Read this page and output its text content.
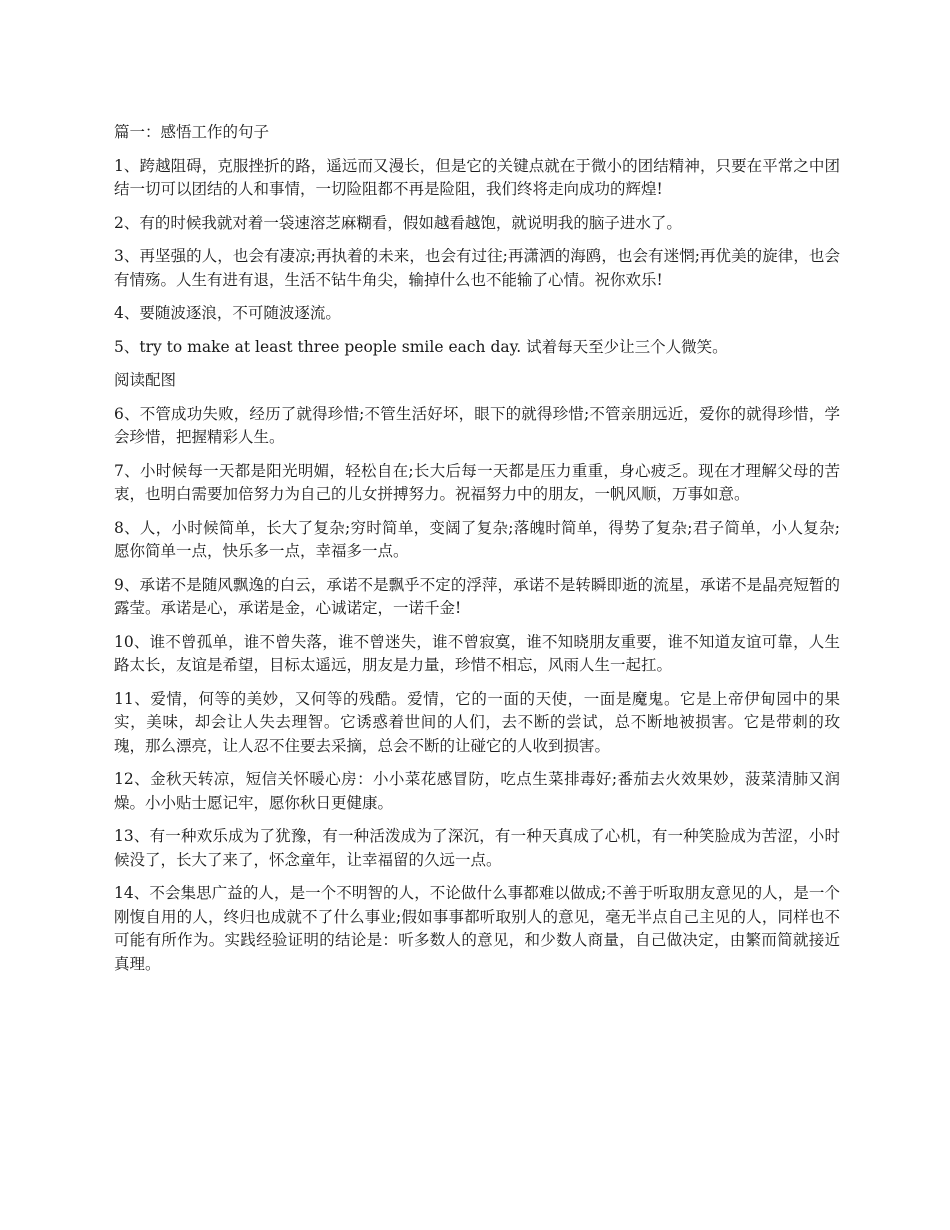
篇一：感悟工作的句子

1、跨越阻碍，克服挫折的路，遥远而又漫长，但是它的关键点就在于微小的团结精神，只要在平常之中团结一切可以团结的人和事情，一切险阻都不再是险阻，我们终将走向成功的辉煌!

2、有的时候我就对着一袋速溶芝麻糊看，假如越看越饱，就说明我的脑子进水了。

3、再坚强的人，也会有凄凉;再执着的未来，也会有过往;再潇洒的海鸥，也会有迷惘;再优美的旋律，也会有情殇。人生有进有退，生活不钻牛角尖，输掉什么也不能输了心情。祝你欢乐!

4、要随波逐浪，不可随波逐流。

5、try to make at least three people smile each day. 试着每天至少让三个人微笑。

阅读配图

6、不管成功失败，经历了就得珍惜;不管生活好坏，眼下的就得珍惜;不管亲朋远近，爱你的就得珍惜，学会珍惜，把握精彩人生。

7、小时候每一天都是阳光明媚，轻松自在;长大后每一天都是压力重重，身心疲乏。现在才理解父母的苦衷，也明白需要加倍努力为自己的儿女拼搏努力。祝福努力中的朋友，一帆风顺，万事如意。

8、人，小时候简单，长大了复杂;穷时简单，变阔了复杂;落魄时简单，得势了复杂;君子简单，小人复杂;愿你简单一点，快乐多一点，幸福多一点。

9、承诺不是随风飘逸的白云，承诺不是飘乎不定的浮萍，承诺不是转瞬即逝的流星，承诺不是晶亮短暂的露莹。承诺是心，承诺是金，心诚诺定，一诺千金!

10、谁不曾孤单，谁不曾失落，谁不曾迷失，谁不曾寂寞，谁不知晓朋友重要，谁不知道友谊可靠，人生路太长，友谊是希望，目标太遥远，朋友是力量，珍惜不相忘，风雨人生一起扛。

11、爱情，何等的美妙，又何等的残酷。爱情，它的一面的天使，一面是魔鬼。它是上帝伊甸园中的果实，美味，却会让人失去理智。它诱惑着世间的人们，去不断的尝试，总不断地被损害。它是带刺的玫瑰，那么漂亮，让人忍不住要去采摘，总会不断的让碰它的人收到损害。

12、金秋天转凉，短信关怀暖心房：小小菜花感冒防，吃点生菜排毒好;番茄去火效果妙，菠菜清肺又润燥。小小贴士愿记牢，愿你秋日更健康。

13、有一种欢乐成为了犹豫，有一种活泼成为了深沉，有一种天真成了心机，有一种笑脸成为苦涩，小时候没了，长大了来了，怀念童年，让幸福留的久远一点。

14、不会集思广益的人，是一个不明智的人，不论做什么事都难以做成;不善于听取朋友意见的人，是一个刚愎自用的人，终归也成就不了什么事业;假如事事都听取别人的意见，毫无半点自己主见的人，同样也不可能有所作为。实践经验证明的结论是：听多数人的意见，和少数人商量，自己做决定，由繁而简就接近真理。
